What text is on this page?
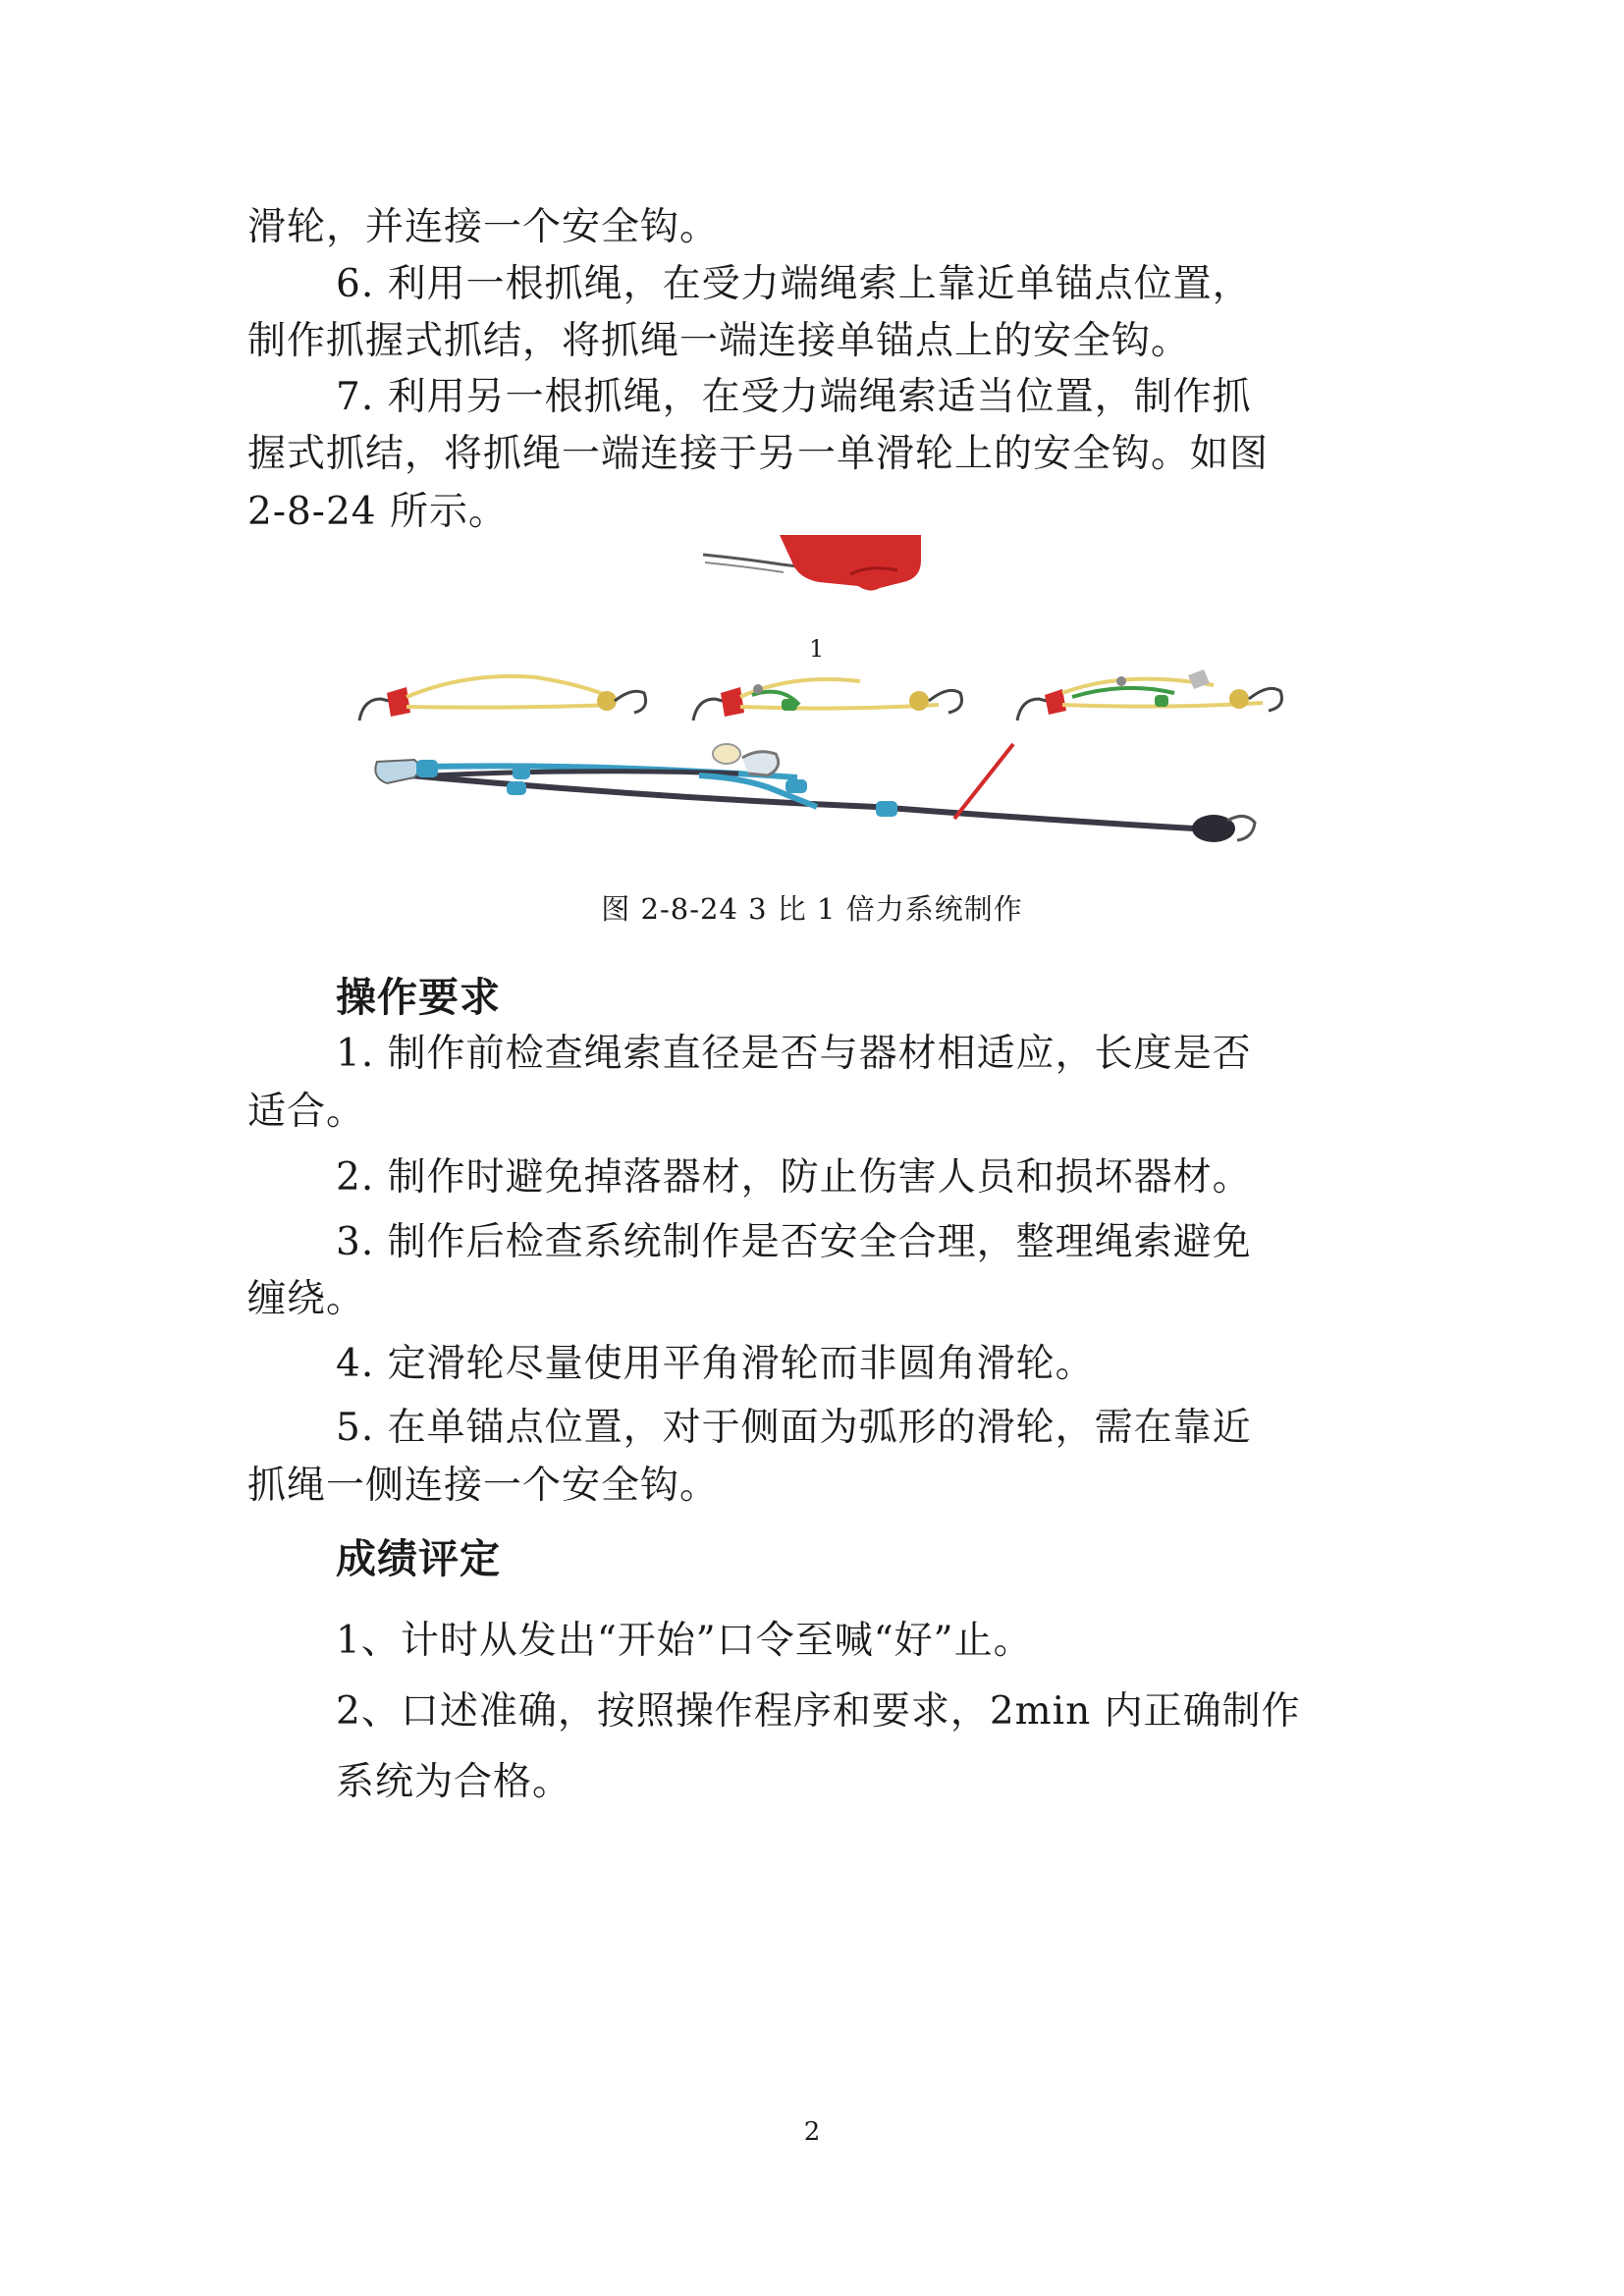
滑轮，并连接一个安全钩。
6. 利用一根抓绳，在受力端绳索上靠近单锚点位置，
制作抓握式抓结，将抓绳一端连接单锚点上的安全钩。
7. 利用另一根抓绳，在受力端绳索适当位置，制作抓
握式抓结，将抓绳一端连接于另一单滑轮上的安全钩。如图
2-8-24 所示。
1
图 2-8-24 3 比 1 倍力系统制作
操作要求
1. 制作前检查绳索直径是否与器材相适应，长度是否
适合。
2. 制作时避免掉落器材，防止伤害人员和损坏器材。
3. 制作后检查系统制作是否安全合理，整理绳索避免
缠绕。
4. 定滑轮尽量使用平角滑轮而非圆角滑轮。
5. 在单锚点位置，对于侧面为弧形的滑轮，需在靠近
抓绳一侧连接一个安全钩。
成绩评定
1、计时从发出“开始”口令至喊“好”止。
2、口述准确，按照操作程序和要求，2min 内正确制作
系统为合格。
2
